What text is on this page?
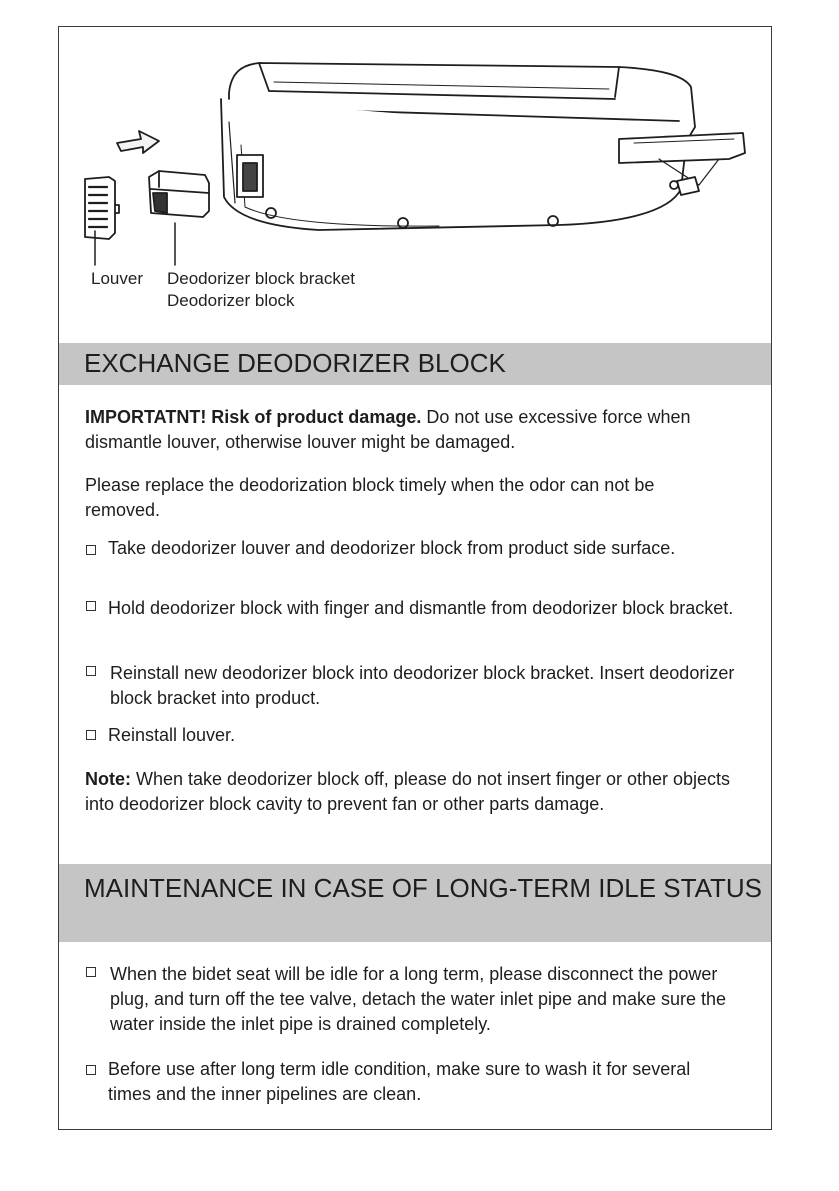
Louver Deodorizer block bracket
Deodorizer block
EXCHANGE DEODORIZER BLOCK
IMPORTATNT! Risk of product damage. Do not use excessive force when dismantle louver, otherwise louver might be damaged.
Please replace the deodorization block timely when the odor can not be removed.
Take deodorizer louver and deodorizer block from product side surface.
Hold deodorizer block with finger and dismantle from deodorizer block bracket.
Reinstall new deodorizer block into deodorizer block bracket. Insert deodorizer block bracket into product.
Reinstall louver.
Note: When take deodorizer block off, please do not insert finger or other objects into deodorizer block cavity to prevent fan or other parts damage.
MAINTENANCE IN CASE OF LONG-TERM IDLE STATUS
When the bidet seat will be idle for a long term, please disconnect the power plug, and turn off the tee valve, detach the water inlet pipe and make sure the water inside the inlet pipe is drained completely.
Before use after long term idle condition, make sure to wash it for several times and the inner pipelines are clean.
